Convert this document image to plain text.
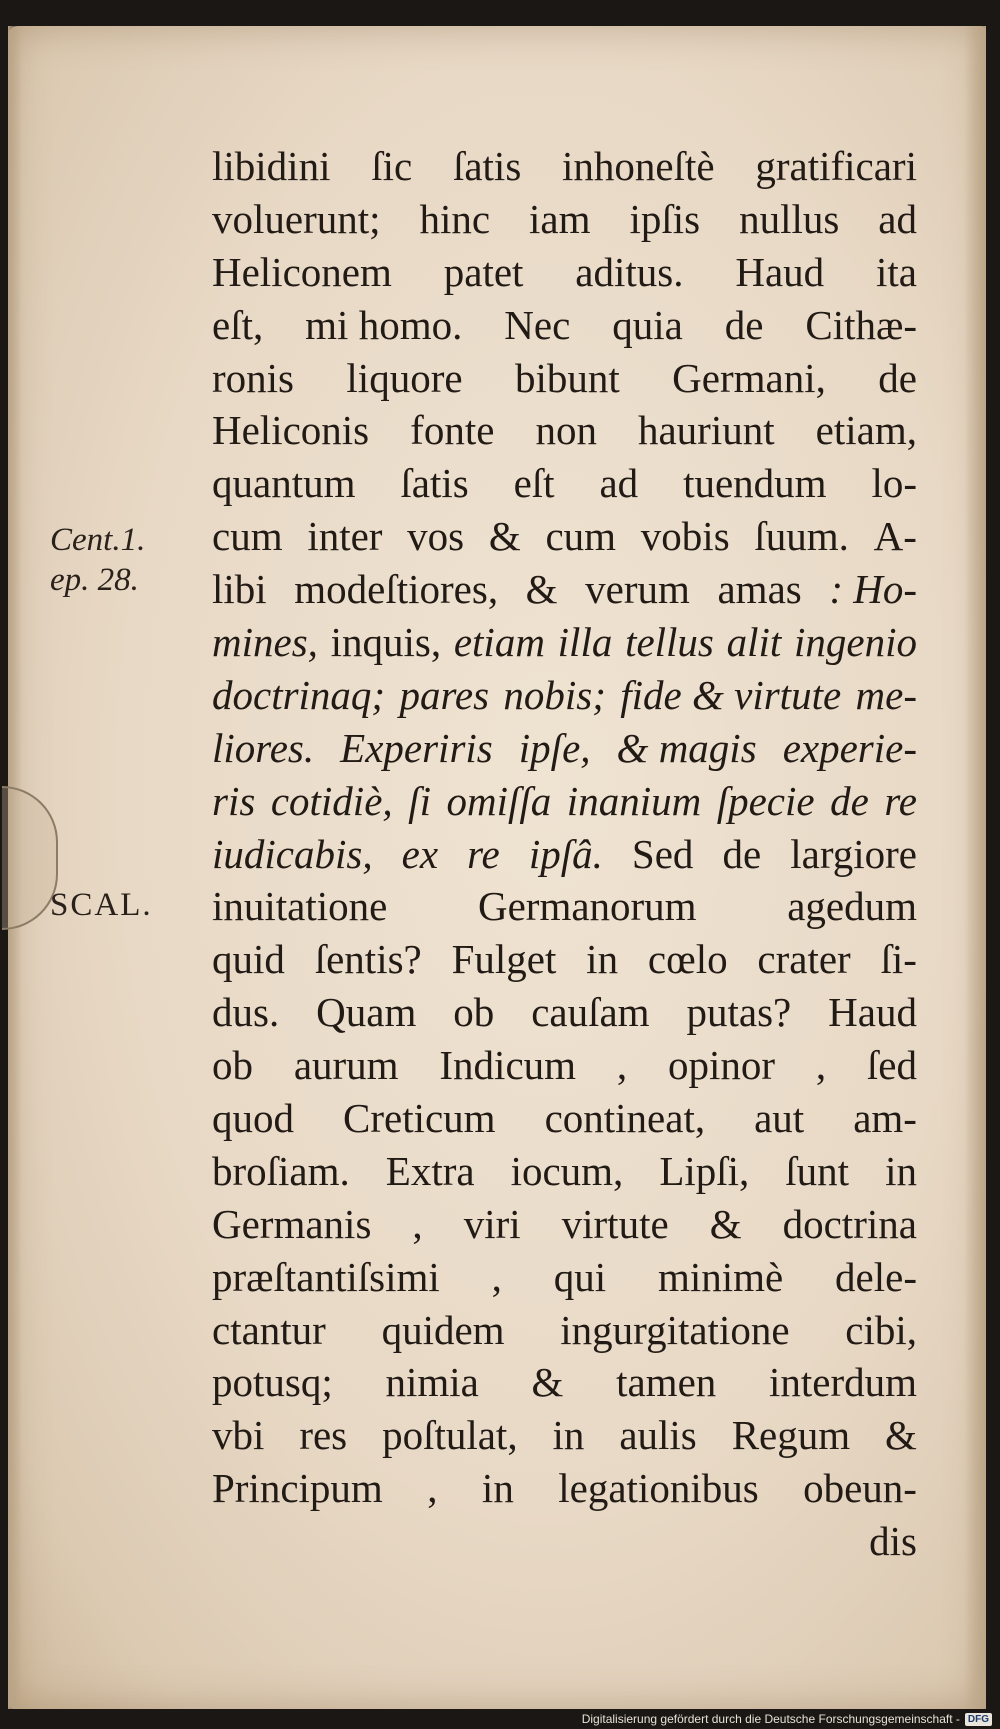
Cent.1.
ep. 28.
SCAL.
libidini ſic ſatis inhoneſtè gratificari
voluerunt; hinc iam ipſis nullus ad
Heliconem patet aditus. Haud ita
eſt, mi homo. Nec quia de Cithæ-
ronis liquore bibunt Germani, de
Heliconis fonte non hauriunt etiam,
quantum ſatis eſt ad tuendum lo-
cum inter vos & cum vobis ſuum. A-
libi modeſtiores, & verum amas : Ho-
mines, inquis, etiam illa tellus alit ingenio
doctrinaq; pares nobis; fide & virtute me-
liores. Experiris ipſe, & magis experie-
ris cotidiè, ſi omiſſa inanium ſpecie de re
iudicabis, ex re ipſâ. Sed de largiore
inuitatione Germanorum agedum
quid ſentis? Fulget in cœlo crater ſi-
dus. Quam ob cauſam putas? Haud
ob aurum Indicum , opinor , ſed
quod Creticum contineat, aut am-
broſiam. Extra iocum, Lipſi, ſunt in
Germanis , viri virtute & doctrina
præſtantiſsimi , qui minimè dele-
ctantur quidem ingurgitatione cibi,
potusq; nimia & tamen interdum
vbi res poſtulat, in aulis Regum &
Principum , in legationibus obeun-
dis
Digitalisierung gefördert durch die Deutsche Forschungsgemeinschaft - DFG
